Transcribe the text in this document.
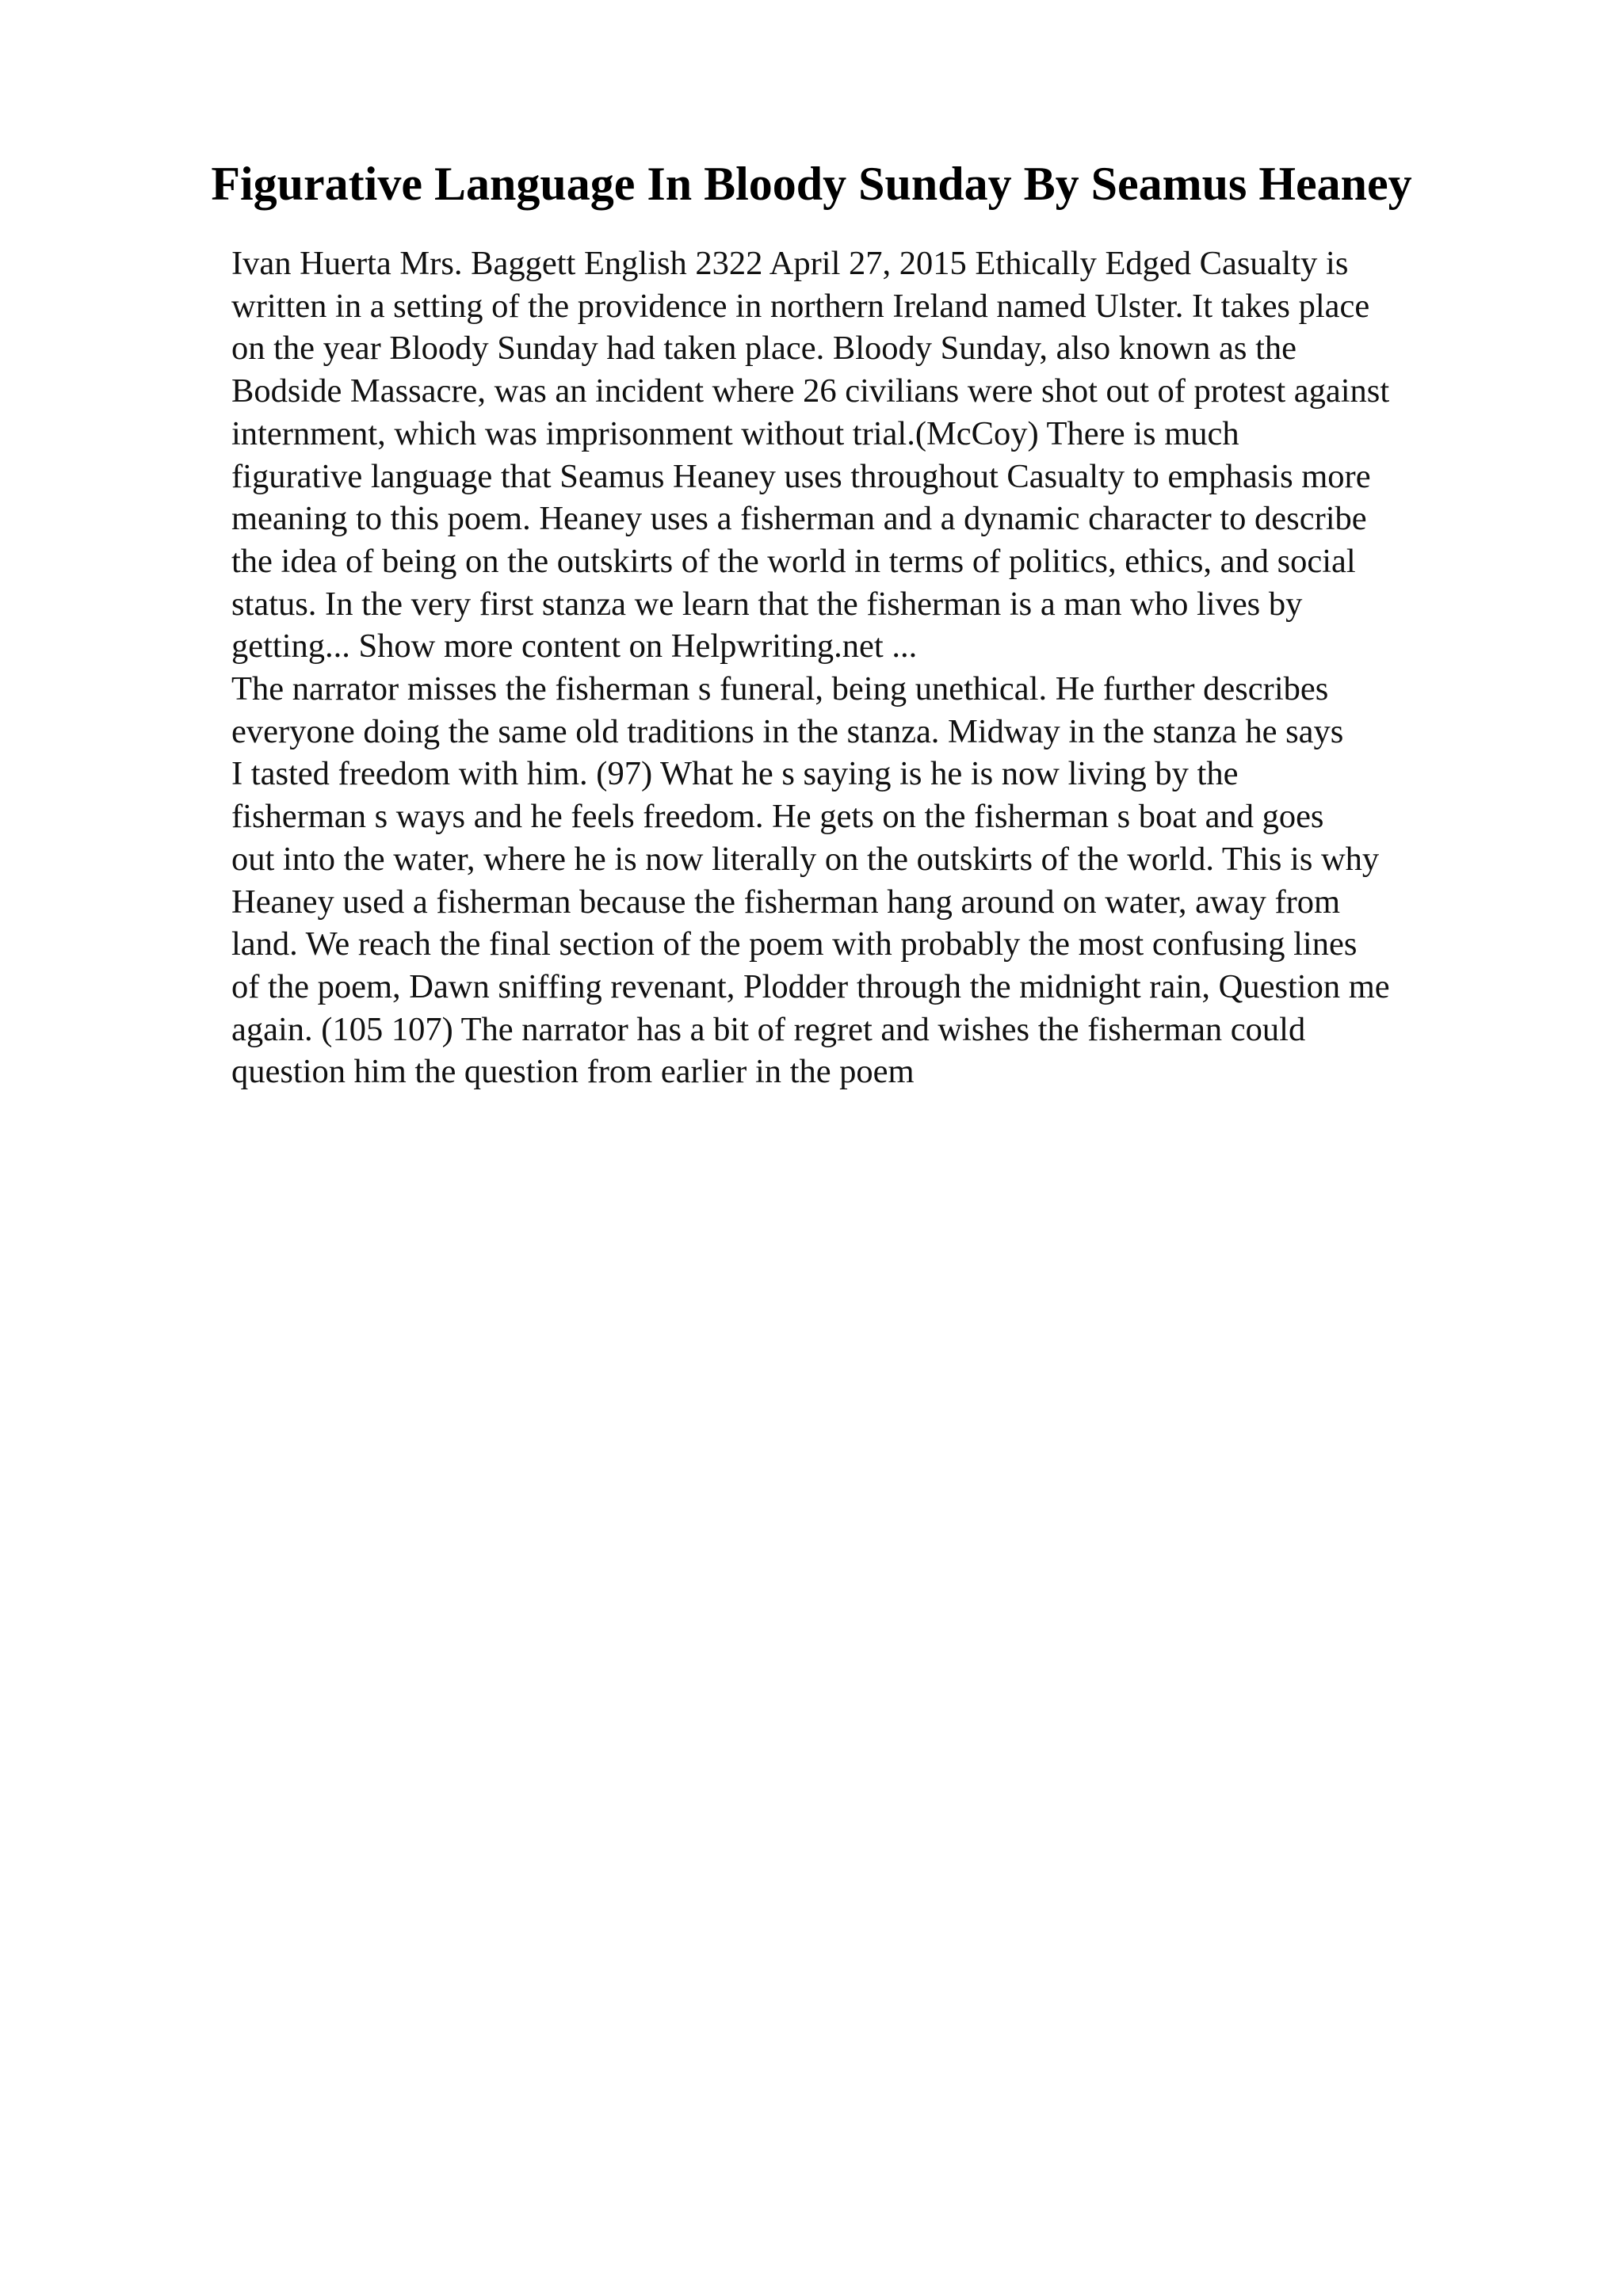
Figurative Language In Bloody Sunday By Seamus Heaney
Ivan Huerta Mrs. Baggett English 2322 April 27, 2015 Ethically Edged Casualty is
written in a setting of the providence in northern Ireland named Ulster. It takes place
on the year Bloody Sunday had taken place. Bloody Sunday, also known as the
Bodside Massacre, was an incident where 26 civilians were shot out of protest against
internment, which was imprisonment without trial.(McCoy) There is much
figurative language that Seamus Heaney uses throughout Casualty to emphasis more
meaning to this poem. Heaney uses a fisherman and a dynamic character to describe
the idea of being on the outskirts of the world in terms of politics, ethics, and social
status. In the very first stanza we learn that the fisherman is a man who lives by
getting... Show more content on Helpwriting.net ...
The narrator misses the fisherman s funeral, being unethical. He further describes
everyone doing the same old traditions in the stanza. Midway in the stanza he says
I tasted freedom with him. (97) What he s saying is he is now living by the
fisherman s ways and he feels freedom. He gets on the fisherman s boat and goes
out into the water, where he is now literally on the outskirts of the world. This is why
Heaney used a fisherman because the fisherman hang around on water, away from
land. We reach the final section of the poem with probably the most confusing lines
of the poem, Dawn sniffing revenant, Plodder through the midnight rain, Question me
again. (105 107) The narrator has a bit of regret and wishes the fisherman could
question him the question from earlier in the poem
